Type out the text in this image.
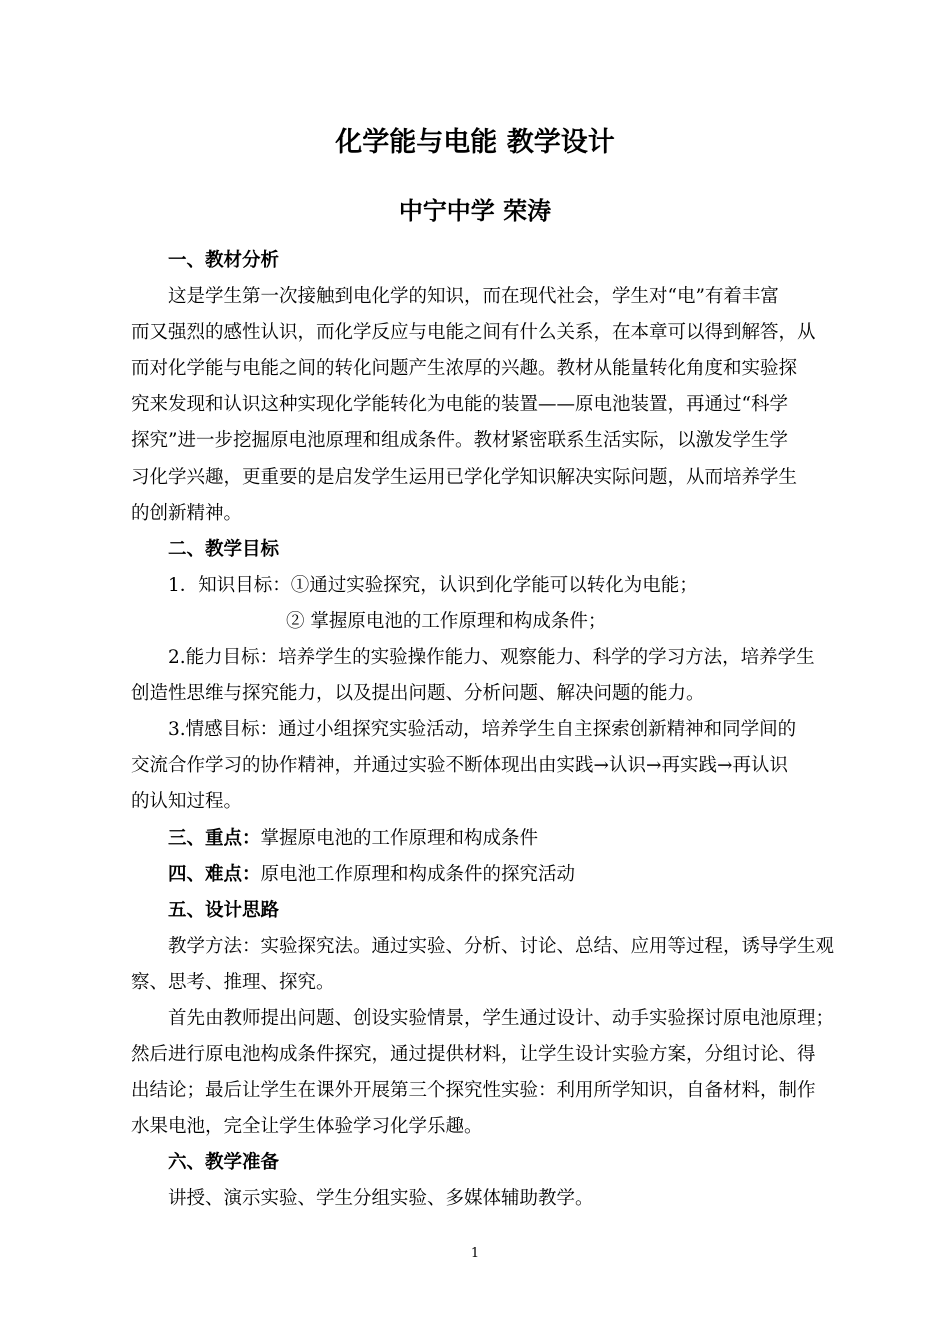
化学能与电能 教学设计
中宁中学 荣涛
一、教材分析
这是学生第一次接触到电化学的知识，而在现代社会，学生对“电”有着丰富
而又强烈的感性认识，而化学反应与电能之间有什么关系，在本章可以得到解答，从
而对化学能与电能之间的转化问题产生浓厚的兴趣。教材从能量转化角度和实验探
究来发现和认识这种实现化学能转化为电能的装置——原电池装置，再通过“科学
探究”进一步挖掘原电池原理和组成条件。教材紧密联系生活实际，以激发学生学
习化学兴趣，更重要的是启发学生运用已学化学知识解决实际问题，从而培养学生
的创新精神。
二、教学目标
1．知识目标：①通过实验探究，认识到化学能可以转化为电能；
② 掌握原电池的工作原理和构成条件；
2.能力目标：培养学生的实验操作能力、观察能力、科学的学习方法，培养学生
创造性思维与探究能力，以及提出问题、分析问题、解决问题的能力。
3.情感目标：通过小组探究实验活动，培养学生自主探索创新精神和同学间的
交流合作学习的协作精神，并通过实验不断体现出由实践→认识→再实践→再认识
的认知过程。
三、重点：掌握原电池的工作原理和构成条件
四、难点：原电池工作原理和构成条件的探究活动
五、设计思路
教学方法：实验探究法。通过实验、分析、讨论、总结、应用等过程，诱导学生观
察、思考、推理、探究。
首先由教师提出问题、创设实验情景，学生通过设计、动手实验探讨原电池原理；
然后进行原电池构成条件探究，通过提供材料，让学生设计实验方案，分组讨论、得
出结论；最后让学生在课外开展第三个探究性实验：利用所学知识，自备材料，制作
水果电池，完全让学生体验学习化学乐趣。
六、教学准备
讲授、演示实验、学生分组实验、多媒体辅助教学。
1
